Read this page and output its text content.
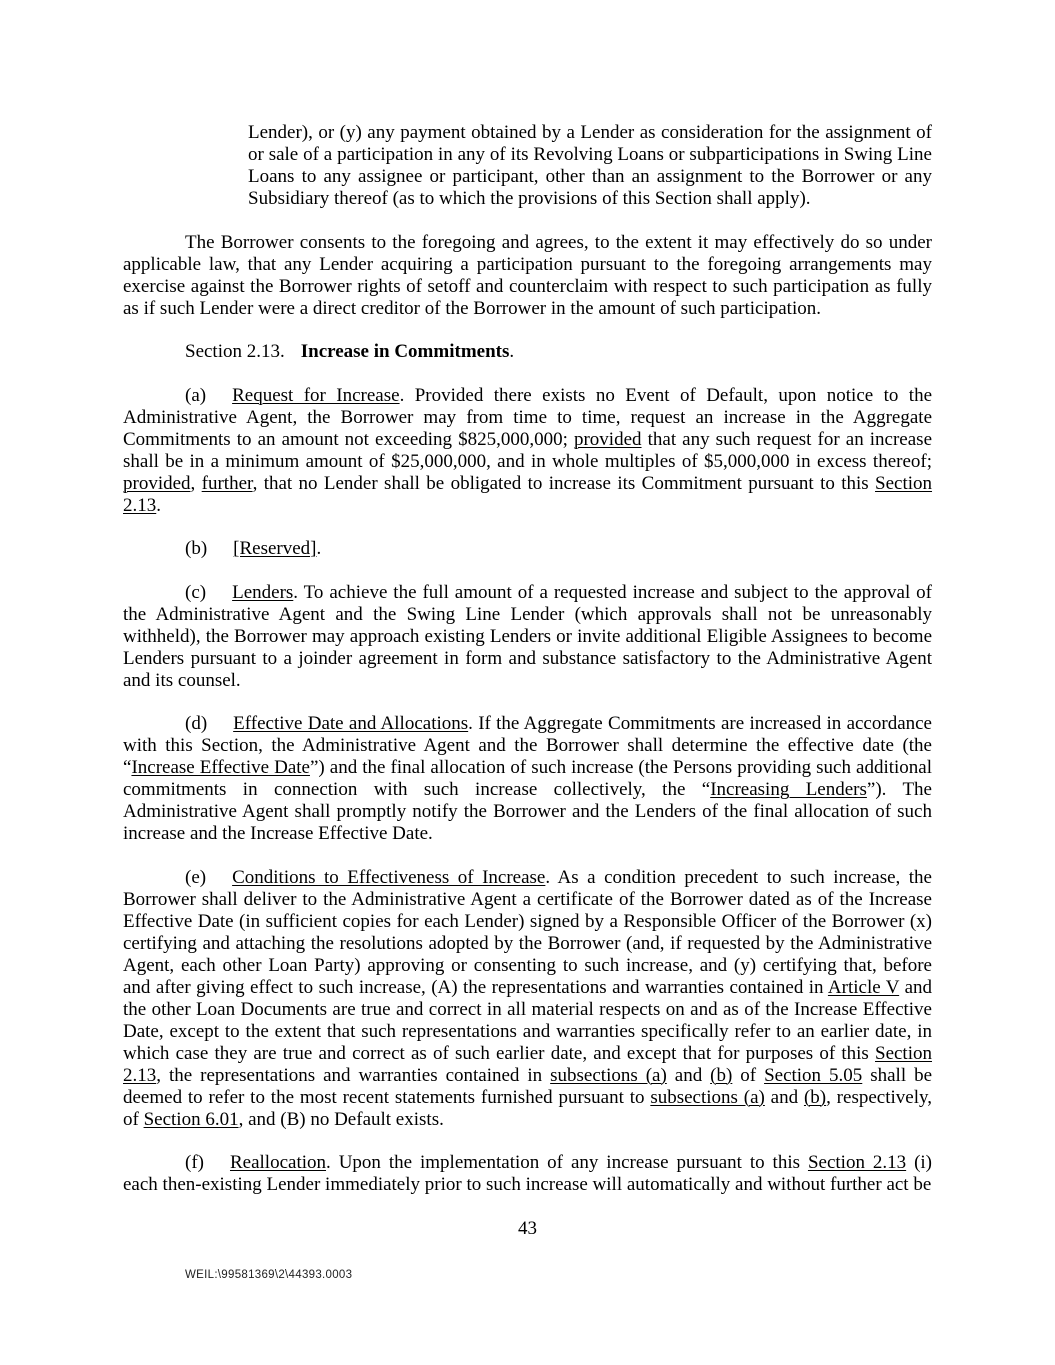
Lender), or (y) any payment obtained by a Lender as consideration for the assignment of or sale of a participation in any of its Revolving Loans or subparticipations in Swing Line Loans to any assignee or participant, other than an assignment to the Borrower or any Subsidiary thereof (as to which the provisions of this Section shall apply).

The Borrower consents to the foregoing and agrees, to the extent it may effectively do so under applicable law, that any Lender acquiring a participation pursuant to the foregoing arrangements may exercise against the Borrower rights of setoff and counterclaim with respect to such participation as fully as if such Lender were a direct creditor of the Borrower in the amount of such participation.

Section 2.13. Increase in Commitments.

(a) Request for Increase. Provided there exists no Event of Default, upon notice to the Administrative Agent, the Borrower may from time to time, request an increase in the Aggregate Commitments to an amount not exceeding $825,000,000; provided that any such request for an increase shall be in a minimum amount of $25,000,000, and in whole multiples of $5,000,000 in excess thereof; provided, further, that no Lender shall be obligated to increase its Commitment pursuant to this Section 2.13.

(b) [Reserved].

(c) Lenders. To achieve the full amount of a requested increase and subject to the approval of the Administrative Agent and the Swing Line Lender (which approvals shall not be unreasonably withheld), the Borrower may approach existing Lenders or invite additional Eligible Assignees to become Lenders pursuant to a joinder agreement in form and substance satisfactory to the Administrative Agent and its counsel.

(d) Effective Date and Allocations. If the Aggregate Commitments are increased in accordance with this Section, the Administrative Agent and the Borrower shall determine the effective date (the “Increase Effective Date”) and the final allocation of such increase (the Persons providing such additional commitments in connection with such increase collectively, the “Increasing Lenders”). The Administrative Agent shall promptly notify the Borrower and the Lenders of the final allocation of such increase and the Increase Effective Date.

(e) Conditions to Effectiveness of Increase. As a condition precedent to such increase, the Borrower shall deliver to the Administrative Agent a certificate of the Borrower dated as of the Increase Effective Date (in sufficient copies for each Lender) signed by a Responsible Officer of the Borrower (x) certifying and attaching the resolutions adopted by the Borrower (and, if requested by the Administrative Agent, each other Loan Party) approving or consenting to such increase, and (y) certifying that, before and after giving effect to such increase, (A) the representations and warranties contained in Article V and the other Loan Documents are true and correct in all material respects on and as of the Increase Effective Date, except to the extent that such representations and warranties specifically refer to an earlier date, in which case they are true and correct as of such earlier date, and except that for purposes of this Section 2.13, the representations and warranties contained in subsections (a) and (b) of Section 5.05 shall be deemed to refer to the most recent statements furnished pursuant to subsections (a) and (b), respectively, of Section 6.01, and (B) no Default exists.

(f) Reallocation. Upon the implementation of any increase pursuant to this Section 2.13 (i) each then-existing Lender immediately prior to such increase will automatically and without further act be

43
WEIL:\99581369\2\44393.0003
